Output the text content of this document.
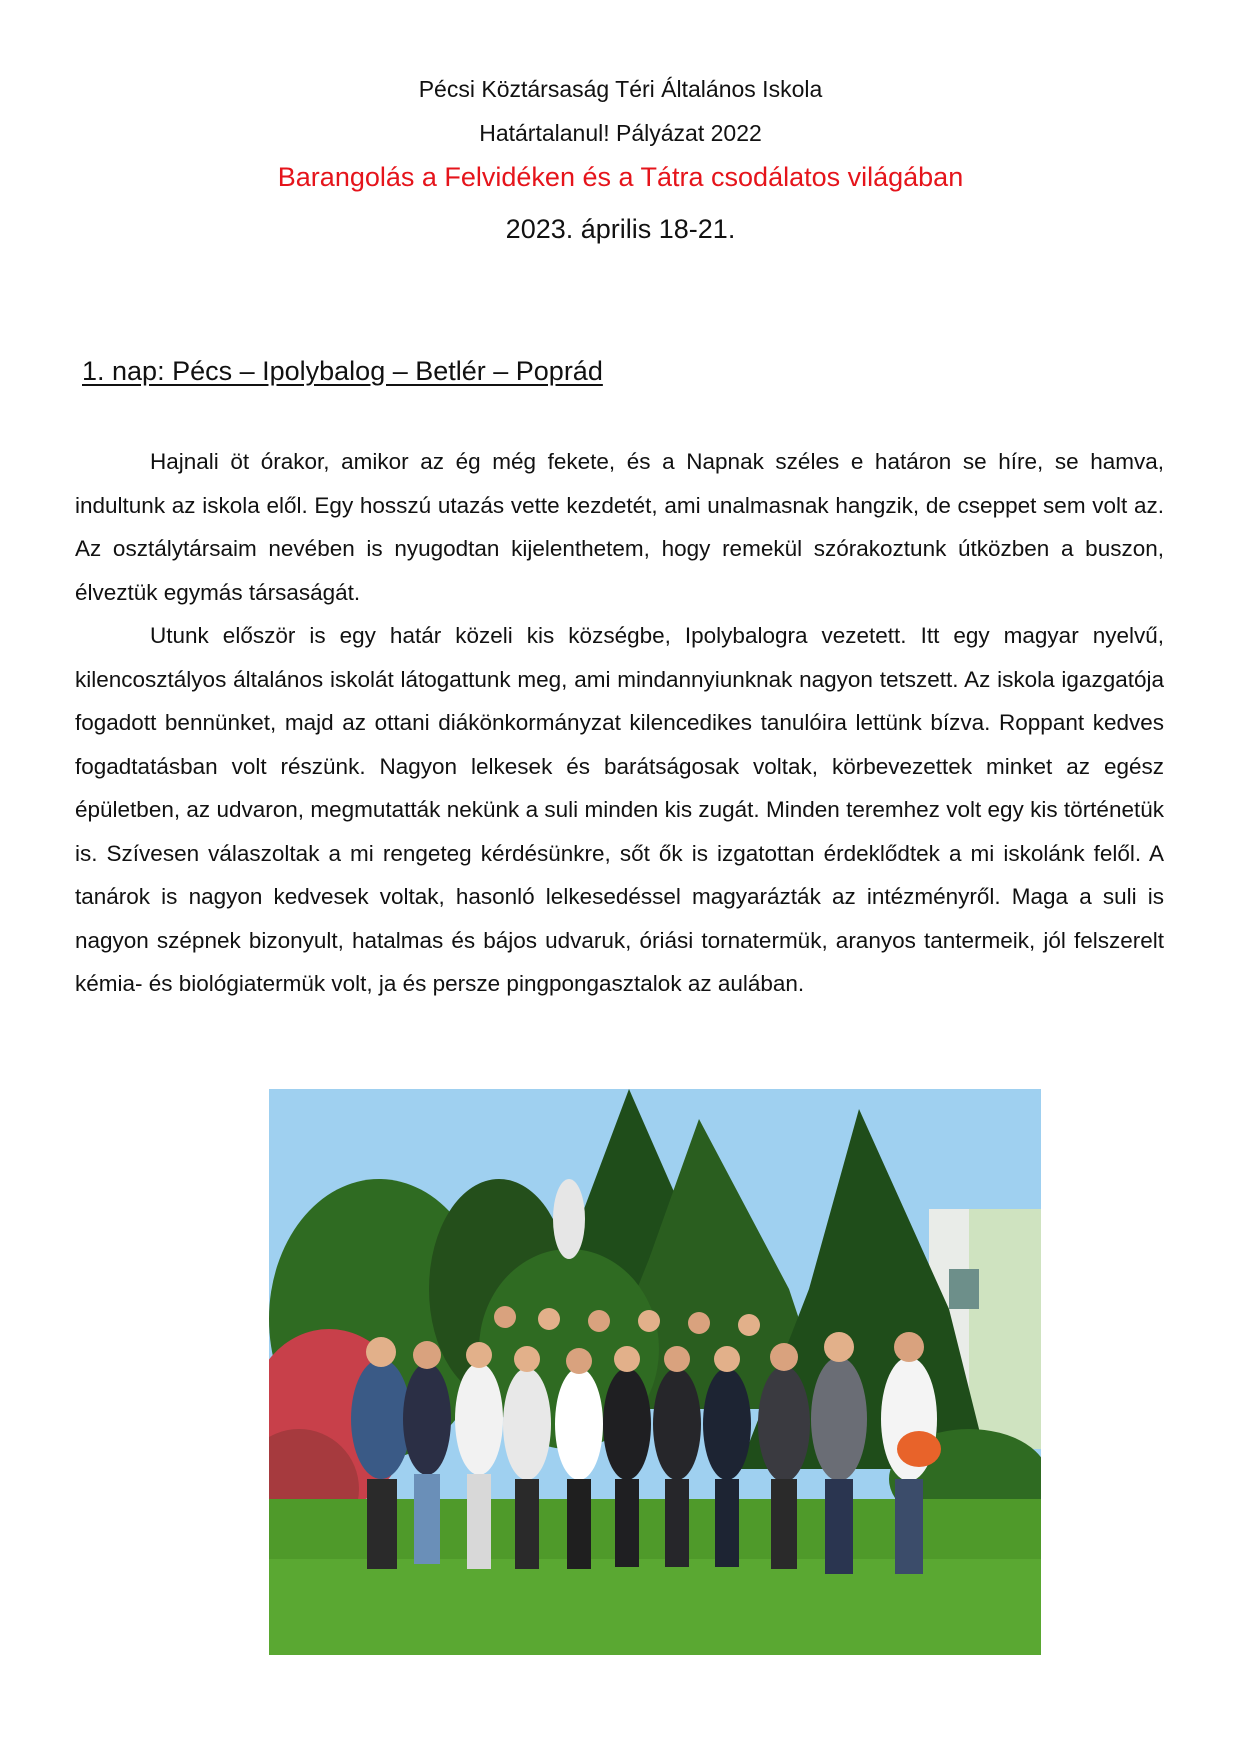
Pécsi Köztársaság Téri Általános Iskola
Határtalanul! Pályázat 2022
Barangolás a Felvidéken és a Tátra csodálatos világában
2023. április 18-21.
1. nap: Pécs – Ipolybalog – Betlér – Poprád

Hajnali öt órakor, amikor az ég még fekete, és a Napnak széles e határon se híre, se hamva, indultunk az iskola elől. Egy hosszú utazás vette kezdetét, ami unalmasnak hangzik, de cseppet sem volt az. Az osztálytársaim nevében is nyugodtan kijelenthetem, hogy remekül szórakoztunk útközben a buszon, élveztük egymás társaságát.

Utunk először is egy határ közeli kis községbe, Ipolybalogra vezetett. Itt egy magyar nyelvű, kilencosztályos általános iskolát látogattunk meg, ami mindannyiunknak nagyon tetszett. Az iskola igazgatója fogadott bennünket, majd az ottani diákönkormányzat kilencedikes tanulóira lettünk bízva. Roppant kedves fogadtatásban volt részünk. Nagyon lelkesek és barátságosak voltak, körbevezettek minket az egész épületben, az udvaron, megmutatták nekünk a suli minden kis zugát. Minden teremhez volt egy kis történetük is. Szívesen válaszoltak a mi rengeteg kérdésünkre, sőt ők is izgatottan érdeklődtek a mi iskolánk felől. A tanárok is nagyon kedvesek voltak, hasonló lelkesedéssel magyarázták az intézményről. Maga a suli is nagyon szépnek bizonyult, hatalmas és bájos udvaruk, óriási tornatermük, aranyos tantermeik, jól felszerelt kémia- és biológiatermük volt, ja és persze pingpongasztalok az aulában.
